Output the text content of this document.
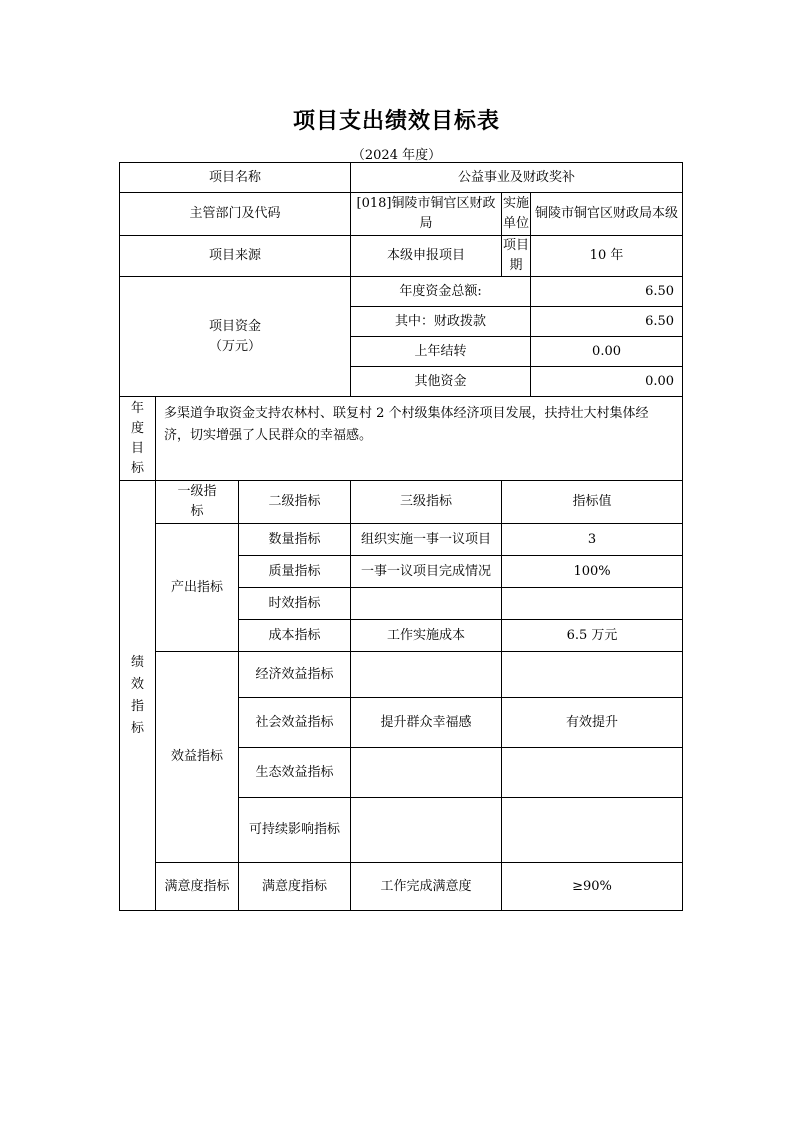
项目支出绩效目标表
（2024 年度）
项目名称			公益事业及财政奖补		
主管部门及代码			[018]铜陵市铜官区财政局	实施单位	铜陵市铜官区财政局本级
项目来源			本级申报项目	项目期	10 年

项目资金
（万元）			年度资金总额:		6.50
			其中：财政拨款		6.50
			上年结转		0.00
			其他资金		0.00
年度目标	多渠道争取资金支持农林村、联复村 2 个村级集体经济项目发展，扶持壮大村集体经济，切实增强了人民群众的幸福感。				
绩效指标	一级指标	二级指标	三级指标	指标值	
	产出指标	数量指标	组织实施一事一议项目	3	
		质量指标	一事一议项目完成情况	100%	
		时效指标			
		成本指标	工作实施成本	6.5 万元	
	效益指标	经济效益指标			
		社会效益指标	提升群众幸福感	有效提升	
		生态效益指标			
		可持续影响指标			
	满意度指标	满意度指标	工作完成满意度	≥90%	
